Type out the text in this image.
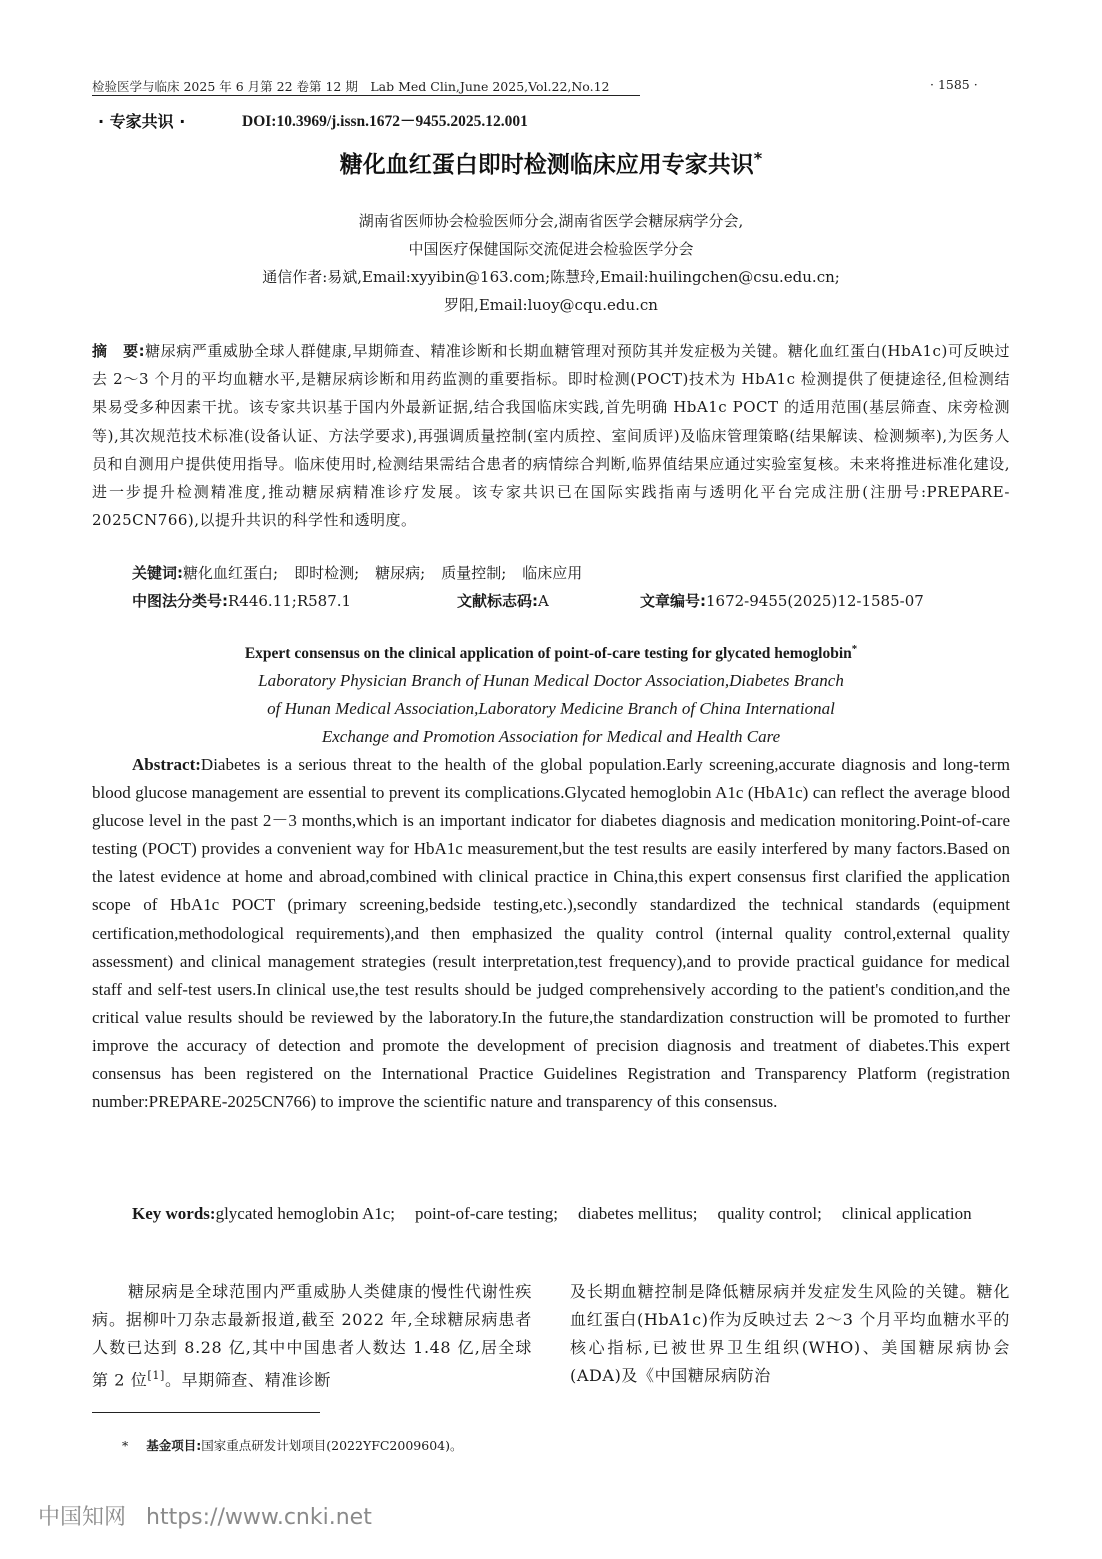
检验医学与临床 2025 年 6 月第 22 卷第 12 期　Lab Med Clin,June 2025,Vol.22,No.12	· 1585 ·
· 专家共识 ·	DOI:10.3969/j.issn.1672－9455.2025.12.001
糖化血红蛋白即时检测临床应用专家共识*
湖南省医师协会检验医师分会,湖南省医学会糖尿病学分会,
中国医疗保健国际交流促进会检验医学分会
通信作者:易斌,Email:xyyibin@163.com;陈慧玲,Email:huilingchen@csu.edu.cn;
罗阳,Email:luoy@cqu.edu.cn
摘　要:糖尿病严重威胁全球人群健康,早期筛查、精准诊断和长期血糖管理对预防其并发症极为关键。糖化血红蛋白(HbA1c)可反映过去 2～3 个月的平均血糖水平,是糖尿病诊断和用药监测的重要指标。即时检测(POCT)技术为 HbA1c 检测提供了便捷途径,但检测结果易受多种因素干扰。该专家共识基于国内外最新证据,结合我国临床实践,首先明确 HbA1c POCT 的适用范围(基层筛查、床旁检测等),其次规范技术标准(设备认证、方法学要求),再强调质量控制(室内质控、室间质评)及临床管理策略(结果解读、检测频率),为医务人员和自测用户提供使用指导。临床使用时,检测结果需结合患者的病情综合判断,临界值结果应通过实验室复核。未来将推进标准化建设,进一步提升检测精准度,推动糖尿病精准诊疗发展。该专家共识已在国际实践指南与透明化平台完成注册(注册号:PREPARE-2025CN766),以提升共识的科学性和透明度。
关键词:糖化血红蛋白; 即时检测; 糖尿病; 质量控制; 临床应用
中图法分类号:R446.11;R587.1	文献标志码:A	文章编号:1672-9455(2025)12-1585-07
Expert consensus on the clinical application of point-of-care testing for glycated hemoglobin*
Laboratory Physician Branch of Hunan Medical Doctor Association,Diabetes Branch
of Hunan Medical Association,Laboratory Medicine Branch of China International
Exchange and Promotion Association for Medical and Health Care
Abstract:Diabetes is a serious threat to the health of the global population.Early screening,accurate diagnosis and long-term blood glucose management are essential to prevent its complications.Glycated hemoglobin A1c (HbA1c) can reflect the average blood glucose level in the past 2－3 months,which is an important indicator for diabetes diagnosis and medication monitoring.Point-of-care testing (POCT) provides a convenient way for HbA1c measurement,but the test results are easily interfered by many factors.Based on the latest evidence at home and abroad,combined with clinical practice in China,this expert consensus first clarified the application scope of HbA1c POCT (primary screening,bedside testing,etc.),secondly standardized the technical standards (equipment certification,methodological requirements),and then emphasized the quality control (internal quality control,external quality assessment) and clinical management strategies (result interpretation,test frequency),and to provide practical guidance for medical staff and self-test users.In clinical use,the test results should be judged comprehensively according to the patient's condition,and the critical value results should be reviewed by the laboratory.In the future,the standardization construction will be promoted to further improve the accuracy of detection and promote the development of precision diagnosis and treatment of diabetes.This expert consensus has been registered on the International Practice Guidelines Registration and Transparency Platform (registration number:PREPARE-2025CN766) to improve the scientific nature and transparency of this consensus.
Key words:glycated hemoglobin A1c; point-of-care testing; diabetes mellitus; quality control; clinical application
糖尿病是全球范围内严重威胁人类健康的慢性代谢性疾病。据柳叶刀杂志最新报道,截至 2022 年,全球糖尿病患者人数已达到 8.28 亿,其中中国患者人数达 1.48 亿,居全球第 2 位[1]。早期筛查、精准诊断
及长期血糖控制是降低糖尿病并发症发生风险的关键。糖化血红蛋白(HbA1c)作为反映过去 2～3 个月平均血糖水平的核心指标,已被世界卫生组织(WHO)、美国糖尿病协会(ADA)及《中国糖尿病防治
* 基金项目:国家重点研发计划项目(2022YFC2009604)。
中国知网 https://www.cnki.net
